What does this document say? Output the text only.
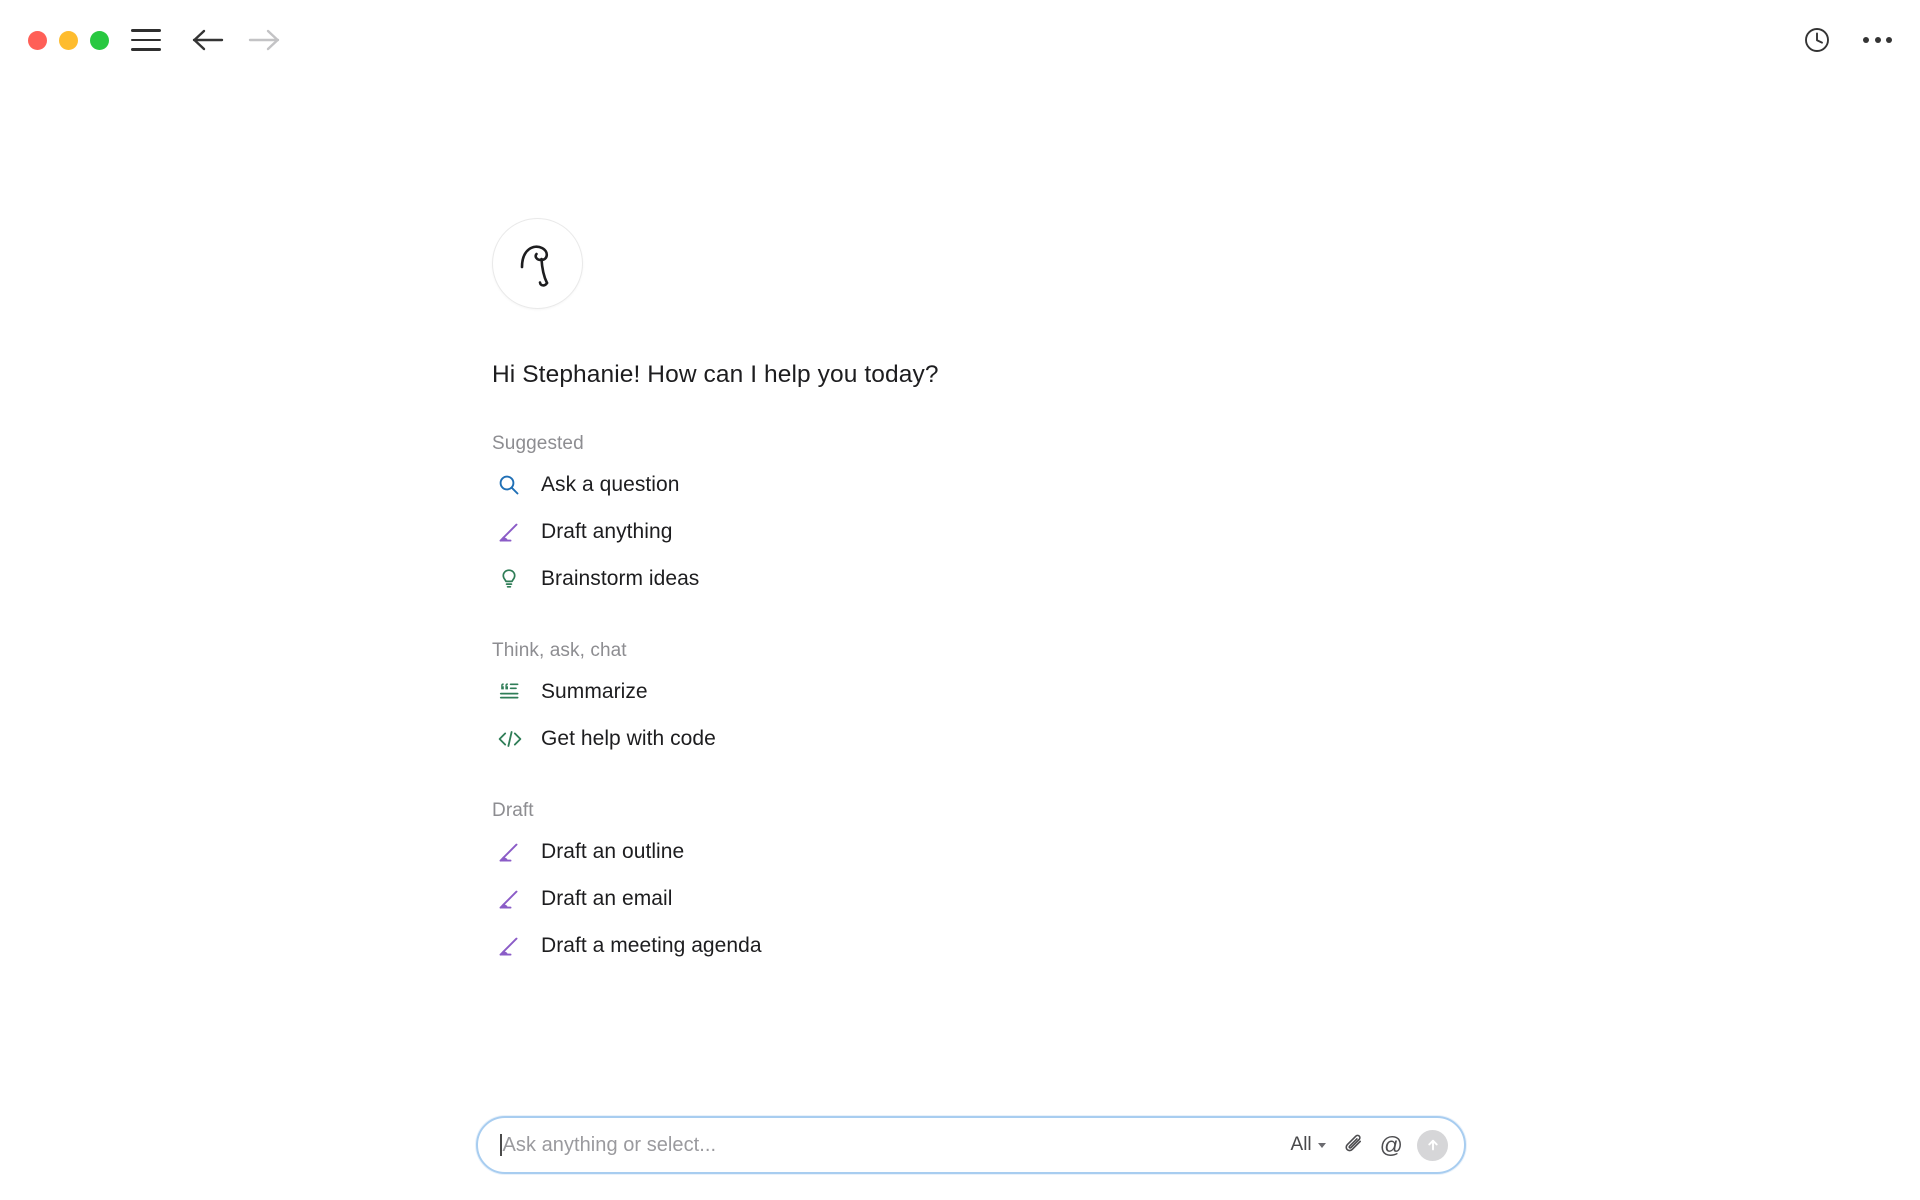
Hi Stephanie! How can I help you today?
Suggested
Ask a question
Draft anything
Brainstorm ideas
Think, ask, chat
Summarize
Get help with code
Draft
Draft an outline
Draft an email
Draft a meeting agenda
Ask anything or select...	All	@
